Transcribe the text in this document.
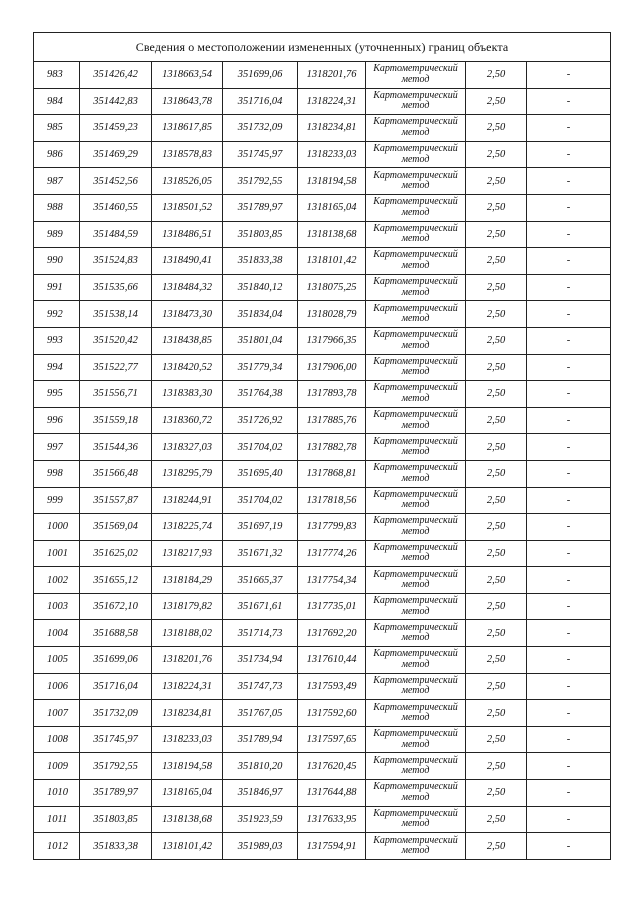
Сведения о местоположении измененных (уточненных) границ объекта							
983	351426,42	1318663,54	351699,06	1318201,76	Картометрический метод	2,50	-
984	351442,83	1318643,78	351716,04	1318224,31	Картометрический метод	2,50	-
985	351459,23	1318617,85	351732,09	1318234,81	Картометрический метод	2,50	-
986	351469,29	1318578,83	351745,97	1318233,03	Картометрический метод	2,50	-
987	351452,56	1318526,05	351792,55	1318194,58	Картометрический метод	2,50	-
988	351460,55	1318501,52	351789,97	1318165,04	Картометрический метод	2,50	-
989	351484,59	1318486,51	351803,85	1318138,68	Картометрический метод	2,50	-
990	351524,83	1318490,41	351833,38	1318101,42	Картометрический метод	2,50	-
991	351535,66	1318484,32	351840,12	1318075,25	Картометрический метод	2,50	-
992	351538,14	1318473,30	351834,04	1318028,79	Картометрический метод	2,50	-
993	351520,42	1318438,85	351801,04	1317966,35	Картометрический метод	2,50	-
994	351522,77	1318420,52	351779,34	1317906,00	Картометрический метод	2,50	-
995	351556,71	1318383,30	351764,38	1317893,78	Картометрический метод	2,50	-
996	351559,18	1318360,72	351726,92	1317885,76	Картометрический метод	2,50	-
997	351544,36	1318327,03	351704,02	1317882,78	Картометрический метод	2,50	-
998	351566,48	1318295,79	351695,40	1317868,81	Картометрический метод	2,50	-
999	351557,87	1318244,91	351704,02	1317818,56	Картометрический метод	2,50	-
1000	351569,04	1318225,74	351697,19	1317799,83	Картометрический метод	2,50	-
1001	351625,02	1318217,93	351671,32	1317774,26	Картометрический метод	2,50	-
1002	351655,12	1318184,29	351665,37	1317754,34	Картометрический метод	2,50	-
1003	351672,10	1318179,82	351671,61	1317735,01	Картометрический метод	2,50	-
1004	351688,58	1318188,02	351714,73	1317692,20	Картометрический метод	2,50	-
1005	351699,06	1318201,76	351734,94	1317610,44	Картометрический метод	2,50	-
1006	351716,04	1318224,31	351747,73	1317593,49	Картометрический метод	2,50	-
1007	351732,09	1318234,81	351767,05	1317592,60	Картометрический метод	2,50	-
1008	351745,97	1318233,03	351789,94	1317597,65	Картометрический метод	2,50	-
1009	351792,55	1318194,58	351810,20	1317620,45	Картометрический метод	2,50	-
1010	351789,97	1318165,04	351846,97	1317644,88	Картометрический метод	2,50	-
1011	351803,85	1318138,68	351923,59	1317633,95	Картометрический метод	2,50	-
1012	351833,38	1318101,42	351989,03	1317594,91	Картометрический метод	2,50	-
